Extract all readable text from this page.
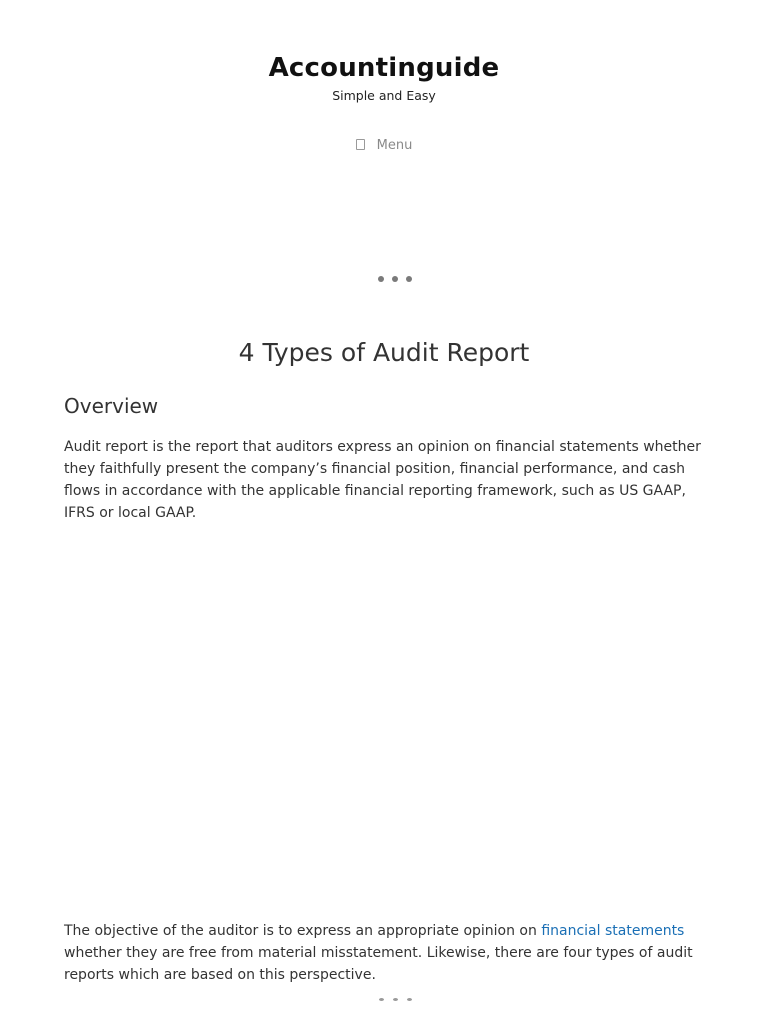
Accountinguide

Simple and Easy

Menu
4 Types of Audit Report
Overview

Audit report is the report that auditors express an opinion on financial statements whether they faithfully present the company’s financial position, financial performance, and cash flows in accordance with the applicable financial reporting framework, such as US GAAP, IFRS or local GAAP.

The objective of the auditor is to express an appropriate opinion on financial statements whether they are free from material misstatement. Likewise, there are four types of audit reports which are based on this perspective.
